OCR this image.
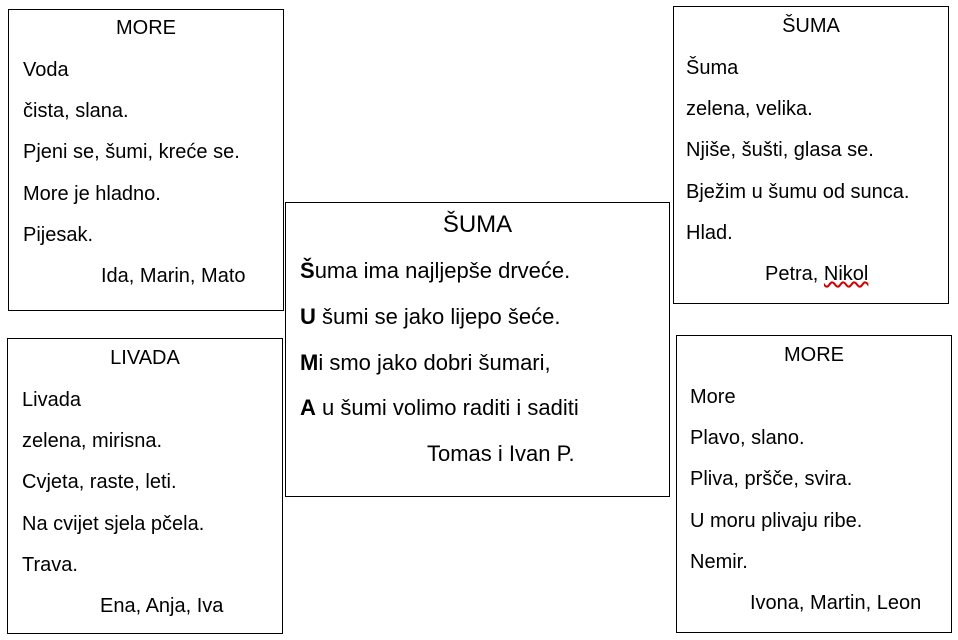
MORE
Voda
čista, slana.
Pjeni se, šumi, kreće se.
More je hladno.
Pijesak.
Ida, Marin, Mato
LIVADA
Livada
zelena, mirisna.
Cvjeta, raste, leti.
Na cvijet sjela pčela.
Trava.
Ena, Anja, Iva
ŠUMA
Šuma ima najljepše drveće.
U šumi se jako lijepo šeće.
Mi smo jako dobri šumari,
A u šumi volimo raditi i saditi
Tomas i Ivan P.
ŠUMA
Šuma
zelena, velika.
Njiše, šušti, glasa se.
Bježim u šumu od sunca.
Hlad.
Petra, Nikol
MORE
More
Plavo, slano.
Pliva, pršče, svira.
U moru plivaju ribe.
Nemir.
Ivona, Martin, Leon
